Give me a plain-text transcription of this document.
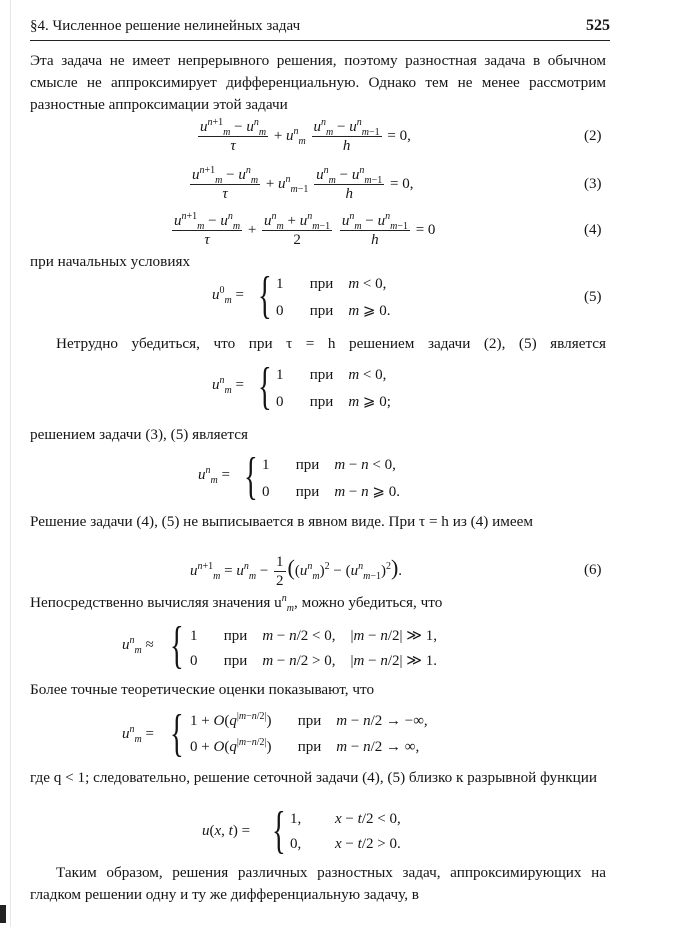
§4. Численное решение нелинейных задач	525
Эта задача не имеет непрерывного решения, поэтому разностная задача в обычном смысле не аппроксимирует дифференциальную. Однако тем не менее рассмотрим разностные аппроксимации этой задачи
$\frac{u^{n+1}_m - u^n_m}{\tau} + u^n_m \frac{u^n_m - u^n_{m-1}}{h} = 0$,	(2)
$\frac{u^{n+1}_m - u^n_m}{\tau} + u^n_{m-1} \frac{u^n_m - u^n_{m-1}}{h} = 0$,	(3)
$\frac{u^{n+1}_m - u^n_m}{\tau} + \frac{u^n_m + u^n_{m-1}}{2}$
$\frac{u^n_m - u^n_{m-1}}{h} = 0$	(4)
при начальных условиях
$u^0_m$ = { 1       при m < 0,
0       при m ⩾ 0.
(5)
Нетрудно убедиться, что при τ = h решением задачи (2), (5) является
$u^n_m$ = { 1       при m < 0,
0       при m ⩾ 0;
решением задачи (3), (5) является
$u^n_m$ = { 1       при m − n < 0,
0       при m − n ⩾ 0.
Решение задачи (4), (5) не выписывается в явном виде. При τ = h из (4) имеем
$u^{n+1}_m = u^n_m - \frac{1}{2} ((u^n_m)^2 - (u^n_{m-1})^2)$.	(6)
Непосредственно вычисляя значения $u^n_m$, можно убедиться, что
$u^n_m$ ≈ { 1       при m − n/2 < 0,    |m − n/2| ≫ 1,
0       при m − n/2 > 0,    |m − n/2| ≫ 1.
Более точные теоретические оценки показывают, что
$u^n_m$ = { $1 + O(q^{|m-n/2|})$       при m − n/2 → −∞,
$0 + O(q^{|m-n/2|})$       при m − n/2 → ∞,
где q < 1; следовательно, решение сеточной задачи (4), (5) близко к разрывной функции
u(x, t) = { 1,         x − t/2 < 0,
0,         x − t/2 > 0.
Таким образом, решения различных разностных задач, аппроксимирующих на гладком решении одну и ту же дифференциальную задачу, в
